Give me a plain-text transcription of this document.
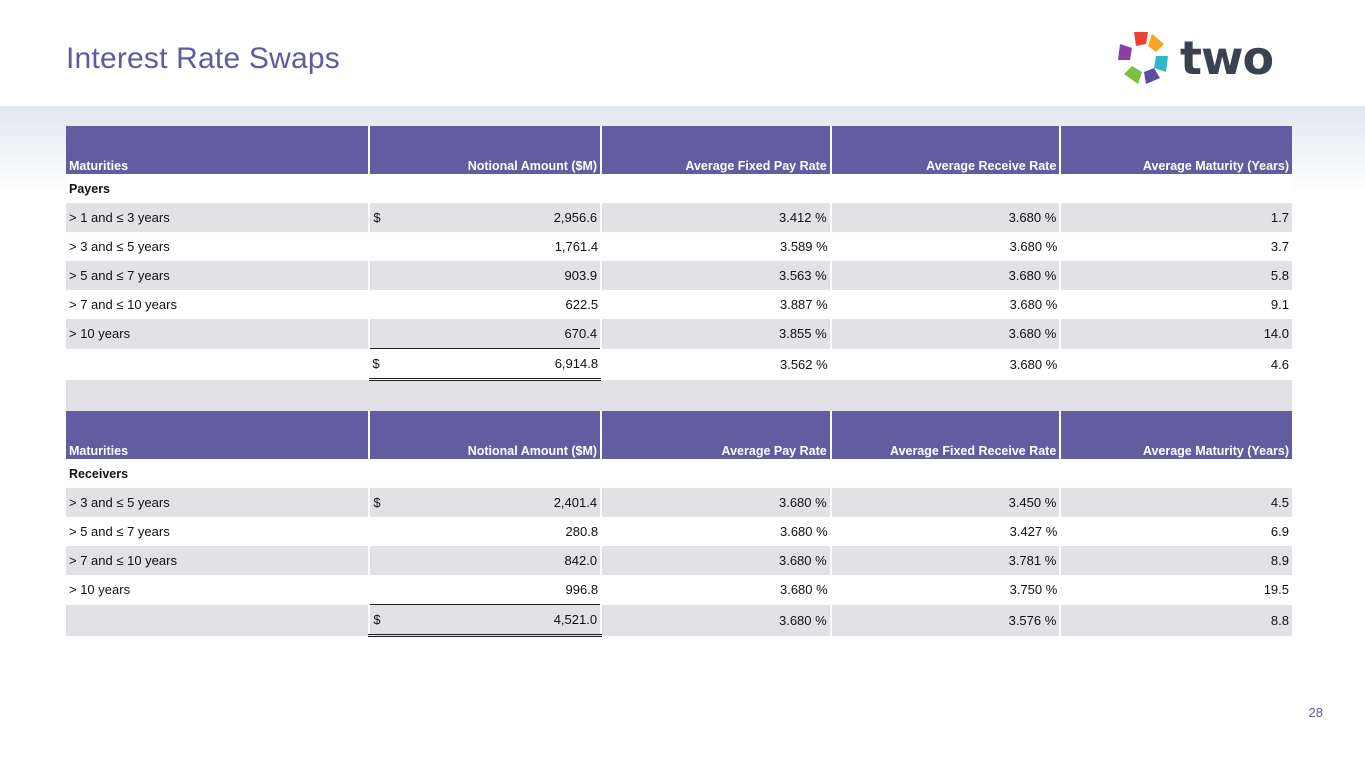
Interest Rate Swaps	two
Maturities	Notional Amount ($M)	Average Fixed Pay Rate	Average Receive Rate	Average Maturity (Years)
Payers				
> 1 and ≤ 3 years	$ 2,956.6	3.412 %	3.680 %	1.7
> 3 and ≤ 5 years	1,761.4	3.589 %	3.680 %	3.7
> 5 and ≤ 7 years	903.9	3.563 %	3.680 %	5.8
> 7 and ≤ 10 years	622.5	3.887 %	3.680 %	9.1
> 10 years	670.4	3.855 %	3.680 %	14.0

	$ 6,914.8	3.562 %	3.680 %	4.6

Maturities	Notional Amount ($M)	Average Pay Rate	Average Fixed Receive Rate	Average Maturity (Years)
Receivers				
> 3 and ≤ 5 years	$ 2,401.4	3.680 %	3.450 %	4.5
> 5 and ≤ 7 years	280.8	3.680 %	3.427 %	6.9
> 7 and ≤ 10 years	842.0	3.680 %	3.781 %	8.9
> 10 years	996.8	3.680 %	3.750 %	19.5

	$ 4,521.0	3.680 %	3.576 %	8.8
28
